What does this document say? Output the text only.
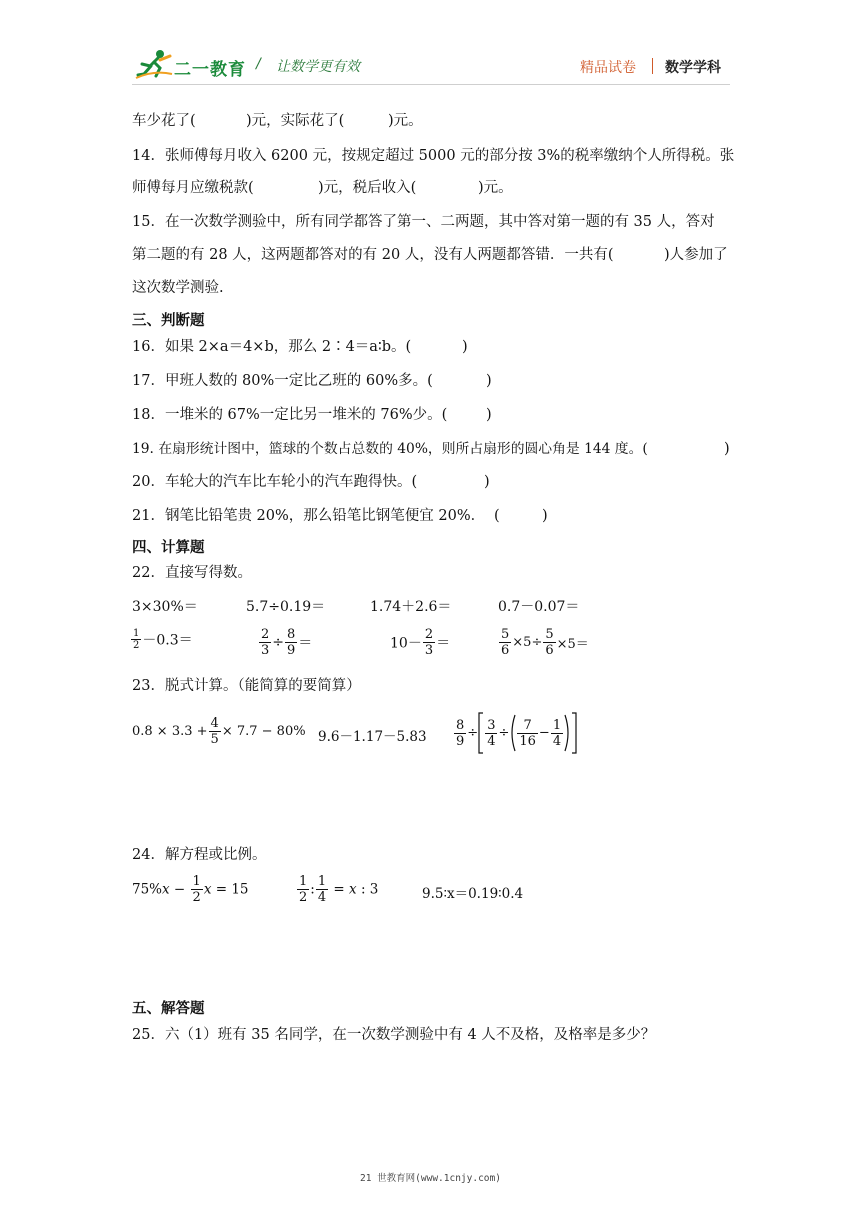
二一教育 / 让数学更有效	精品试卷 数学学科
车少花了(	)元，实际花了(	)元。
14．张师傅每月收入 6200 元，按规定超过 5000 元的部分按 3%的税率缴纳个人所得税。张
师傅每月应缴税款(	)元，税后收入(	)元。
15．在一次数学测验中，所有同学都答了第一、二两题，其中答对第一题的有 35 人，答对
第二题的有 28 人，这两题都答对的有 20 人，没有人两题都答错．一共有(	)人参加了
这次数学测验.
三、判断题
16．如果 2×a＝4×b，那么 2∶4＝a∶b。(	)
17．甲班人数的 80%一定比乙班的 60%多。(	)
18．一堆米的 67%一定比另一堆米的 76%少。(	)
19. 在扇形统计图中，篮球的个数占总数的 40%，则所占扇形的圆心角是 144 度。(	)
20．车轮大的汽车比车轮小的汽车跑得快。(	)
21．钢笔比铅笔贵 20%，那么铅笔比钢笔便宜 20%． (	)
四、计算题
22．直接写得数。
3×30%＝	5.7÷0.19＝	1.74＋2.6＝	0.7－0.07＝
$\frac{1}{2} -0.3=$	$\frac{2}{3} \div \frac{8}{9}$ ＝	$10- \frac{2}{3}$ ＝	$\frac{5}{6} \times 5\div \frac{5}{6} \times 5=$
23．脱式计算。（能简算的要简算）
$0.8 \times 3.3 + \frac{4}{5} \times 7.7 - 80\%$ $9.6-1.17-5.83 \frac{8}{9} \div \frac{3}{4} \div \frac{7}{16} - \frac{1}{4}$
24．解方程或比例。
$75\%x - \frac{1}{2}$ x = 15	$\frac{1}{2}$ : $\frac{1}{4} = x$ : 3	9.5∶x＝0.19∶0.4
五、解答题
25．六（1）班有 35 名同学，在一次数学测验中有 4 人不及格，及格率是多少？
21 世教育网(www.1cnjy.com)
